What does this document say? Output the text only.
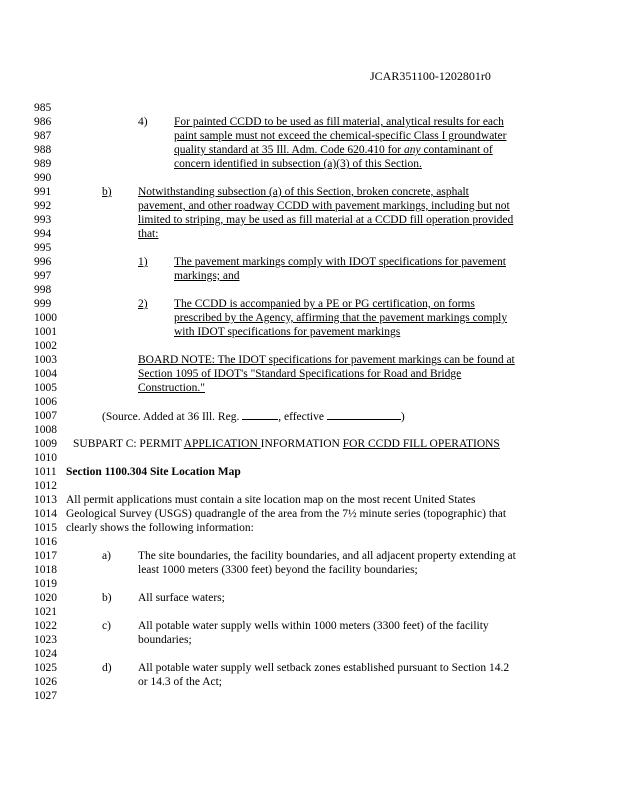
JCAR351100-1202801r0
985
986
987
988
989
990
991
992
993
994
995
996
997
998
999
1000
1001
1002
1003
1004
1005
1006
1007
1008
1009
1010
1011
1012
1013
1014
1015
1016
1017
1018
1019
1020
1021
1022
1023
1024
1025
1026
1027
4) For painted CCDD to be used as fill material, analytical results for each
paint sample must not exceed the chemical-specific Class I groundwater
quality standard at 35 Ill. Adm. Code 620.410 for any contaminant of
concern identified in subsection (a)(3) of this Section.
b) Notwithstanding subsection (a) of this Section, broken concrete, asphalt
pavement, and other roadway CCDD with pavement markings, including but not
limited to striping, may be used as fill material at a CCDD fill operation provided
that:
1) The pavement markings comply with IDOT specifications for pavement
markings; and
2) The CCDD is accompanied by a PE or PG certification, on forms
prescribed by the Agency, affirming that the pavement markings comply
with IDOT specifications for pavement markings
BOARD NOTE: The IDOT specifications for pavement markings can be found at
Section 1095 of IDOT's "Standard Specifications for Road and Bridge
Construction."
(Source. Added at 36 Ill. Reg.	, effective	)
SUBPART C: PERMIT APPLICATION INFORMATION FOR CCDD FILL OPERATIONS
Section 1100.304 Site Location Map
All permit applications must contain a site location map on the most recent United States
Geological Survey (USGS) quadrangle of the area from the 7½ minute series (topographic) that
clearly shows the following information:
a) The site boundaries, the facility boundaries, and all adjacent property extending at
least 1000 meters (3300 feet) beyond the facility boundaries;
b) All surface waters;
c) All potable water supply wells within 1000 meters (3300 feet) of the facility
boundaries;
d) All potable water supply well setback zones established pursuant to Section 14.2
or 14.3 of the Act;
